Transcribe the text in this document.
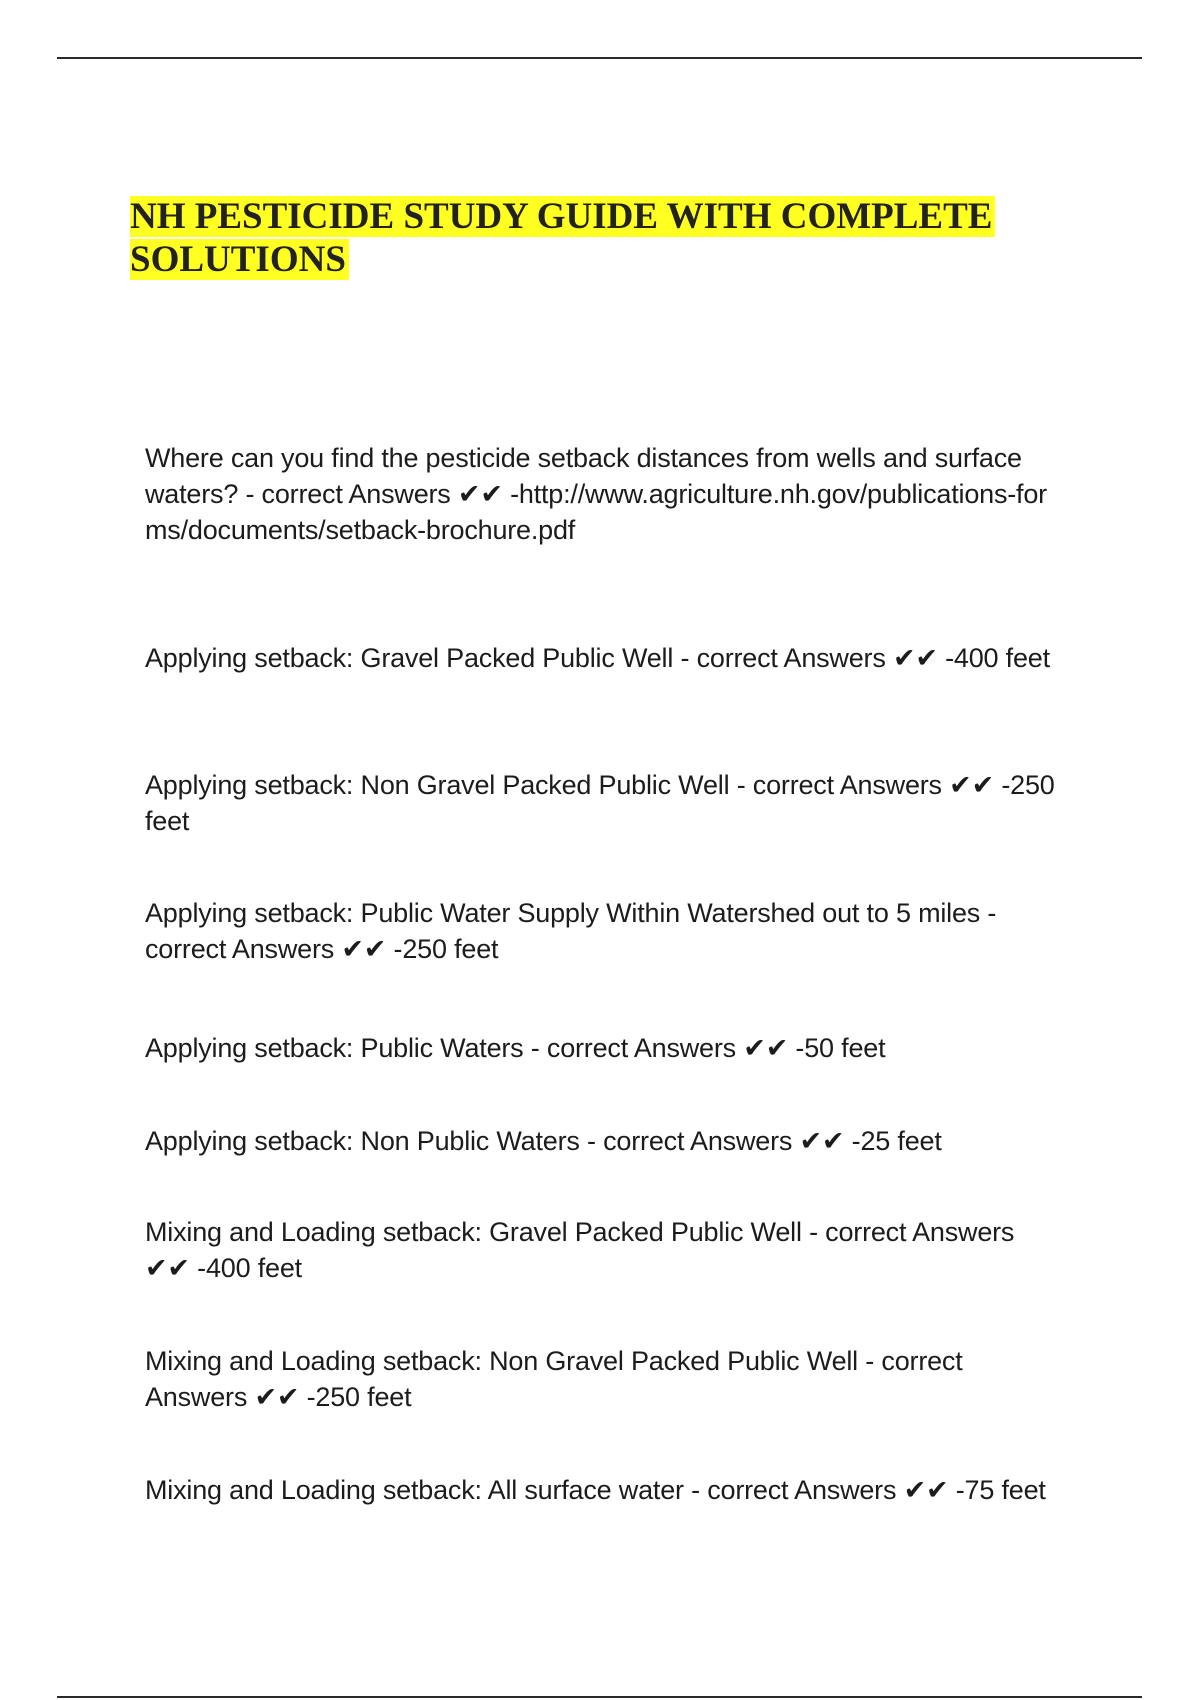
NH PESTICIDE STUDY GUIDE WITH COMPLETE SOLUTIONS

Where can you find the pesticide setback distances from wells and surface waters? - correct Answers ✔✔ -http://www.agriculture.nh.gov/publications-forms/documents/setback-brochure.pdf

Applying setback: Gravel Packed Public Well - correct Answers ✔✔ -400 feet

Applying setback: Non Gravel Packed Public Well - correct Answers ✔✔ -250 feet

Applying setback: Public Water Supply Within Watershed out to 5 miles - correct Answers ✔✔ -250 feet

Applying setback: Public Waters - correct Answers ✔✔ -50 feet

Applying setback: Non Public Waters - correct Answers ✔✔ -25 feet

Mixing and Loading setback: Gravel Packed Public Well - correct Answers ✔✔ -400 feet

Mixing and Loading setback: Non Gravel Packed Public Well - correct Answers ✔✔ -250 feet

Mixing and Loading setback: All surface water - correct Answers ✔✔ -75 feet
